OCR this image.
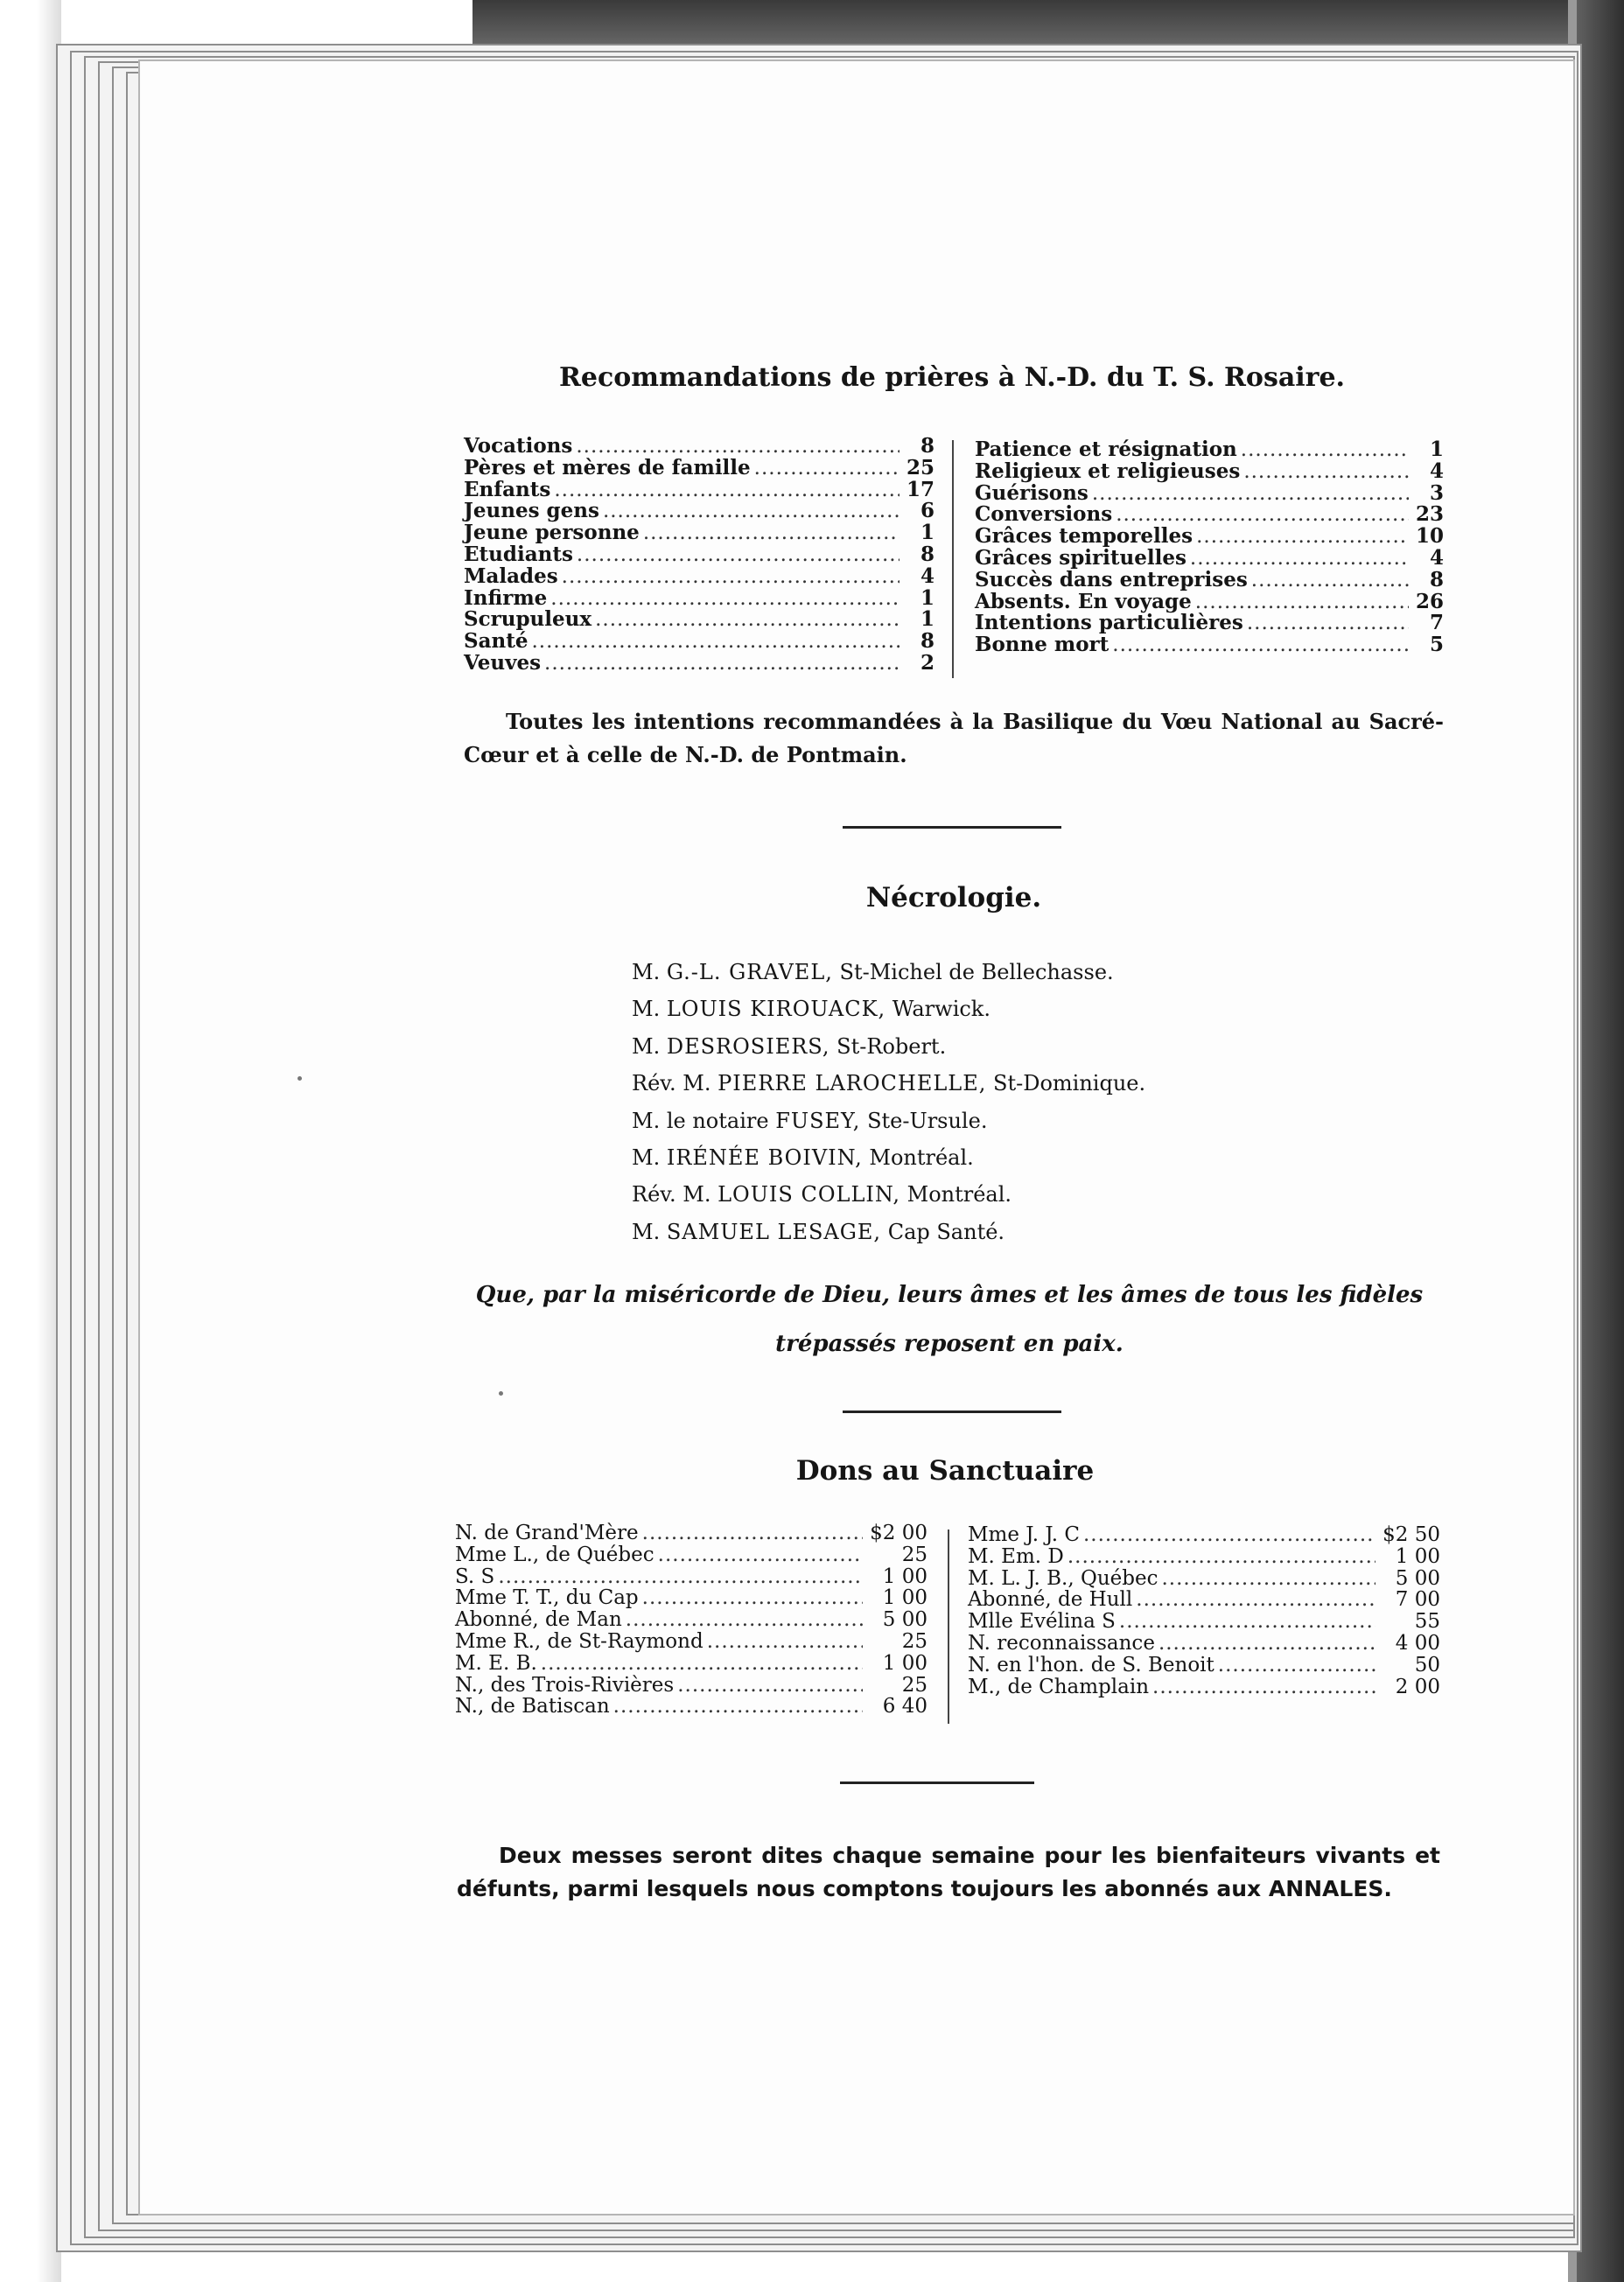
Recommandations de prières à N.-D. du T. S. Rosaire.
Vocations .....	8
Pères et mères de famille .....	25
Enfants .....	17
Jeunes gens .....	6
Jeune personne .....	1
Etudiants .....	8
Malades .....	4
Infirme .....	1
Scrupuleux .....	1
Santé .....	8
Veuves .....	2
Patience et résignation .....	1
Religieux et religieuses .....	4
Guérisons .....	3
Conversions .....	23
Grâces temporelles .....	10
Grâces spirituelles .....	4
Succès dans entreprises .....	8
Absents. En voyage .....	26
Intentions particulières .....	7
Bonne mort .....	5
Toutes les intentions recommandées à la Basilique du Vœu National au Sacré-Cœur et à celle de N.-D. de Pontmain.
Nécrologie.
M. G.-L. GRAVEL, St-Michel de Bellechasse.
M. LOUIS KIROUACK, Warwick.
M. DESROSIERS, St-Robert.
Rév. M. PIERRE LAROCHELLE, St-Dominique.
M. le notaire FUSEY, Ste-Ursule.
M. IRÉNÉE BOIVIN, Montréal.
Rév. M. LOUIS COLLIN, Montréal.
M. SAMUEL LESAGE, Cap Santé.
Que, par la miséricorde de Dieu, leurs âmes et les âmes de tous les fidèles
trépassés reposent en paix.
Dons au Sanctuaire
N. de Grand'Mère .....	$2 00
Mme L., de Québec .....	25
S. S .....	1 00
Mme T. T., du Cap .....	1 00
Abonné, de Man .....	5 00
Mme R., de St-Raymond .....	25
M. E. B. .....	1 00
N., des Trois-Rivières .....	25
N., de Batiscan .....	6 40
Mme J. J. C .....	$2 50
M. Em. D .....	1 00
M. L. J. B., Québec .....	5 00
Abonné, de Hull .....	7 00
Mlle Evélina S .....	55
N. reconnaissance .....	4 00
N. en l'hon. de S. Benoit .....	50
M., de Champlain .....	2 00
Deux messes seront dites chaque semaine pour les bienfaiteurs vivants et défunts, parmi lesquels nous comptons toujours les abonnés aux ANNALES.
